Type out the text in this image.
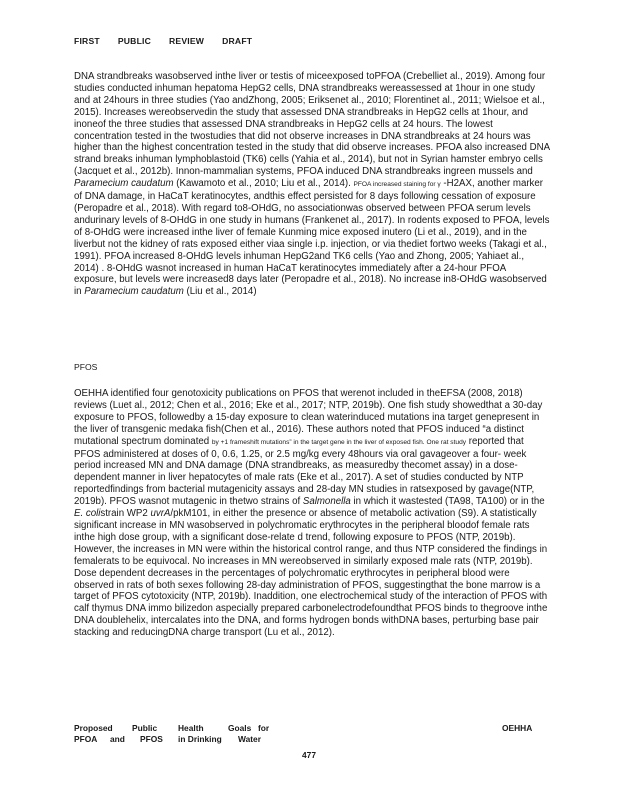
FIRST PUBLIC REVIEW DRAFT
DNA strandbreaks wasobserved inthe liver or testis of miceexposed toPFOA (Crebelliet al., 2019). Among four studies conducted inhuman hepatoma HepG2 cells, DNA strandbreaks wereassessed at 1hour in one study and at 24hours in three studies (Yao andZhong, 2005; Eriksenet al., 2010; Florentinet al., 2011; Wielsoe et al., 2015). Increases wereobservedin the study that assessed DNA strandbreaks in HepG2 cells at 1hour, and inoneof the three studies that assessed DNA strandbreaks in HepG2 cells at 24 hours. The lowest concentration tested in the twostudies that did not observe increases in DNA strandbreaks at 24 hours was higher than the highest concentration tested in the study that did observe increases. PFOA also increased DNA strand breaks inhuman lymphoblastoid (TK6) cells (Yahia et al., 2014), but not in Syrian hamster embryo cells (Jacquet et al., 2012b). Innon-mammalian systems, PFOA induced DNA strandbreaks ingreen mussels and Paramecium caudatum (Kawamoto et al., 2010; Liu et al., 2014). PFOA increased staining for γ -H2AX, another marker of DNA damage, in HaCaT keratinocytes, andthis effect persisted for 8 days following cessation of exposure (Peropadre et al., 2018). With regard to8-OHdG, no associationwas observed between PFOA serum levels andurinary levels of 8-OHdG in one study in humans (Frankenet al., 2017). In rodents exposed to PFOA, levels of 8-OHdG were increased inthe liver of female Kunming mice exposed inutero (Li et al., 2019), and in the liverbut not the kidney of rats exposed either viaa single i.p. injection, or via thediet fortwo weeks (Takagi et al., 1991). PFOA increased 8-OHdG levels inhuman HepG2and TK6 cells (Yao and Zhong, 2005; Yahiaet al., 2014) . 8-OHdG wasnot increased in human HaCaT keratinocytes immediately after a 24-hour PFOA exposure, but levels were increased8 days later (Peropadre et al., 2018). No increase in8-OHdG wasobserved in Paramecium caudatum (Liu et al., 2014)
PFOS
OEHHA identified four genotoxicity publications on PFOS that werenot included in theEFSA (2008, 2018) reviews (Luet al., 2012; Chen et al., 2016; Eke et al., 2017; NTP, 2019b). One fish study showedthat a 30-day exposure to PFOS, followedby a 15-day exposure to clean waterinduced mutations ina target genepresent in the liver of transgenic medaka fish(Chen et al., 2016). These authors noted that PFOS induced “a distinct mutational spectrum dominated by +1 frameshift mutations” in the target gene in the liver of exposed fish. One rat study reported that PFOS administered at doses of 0, 0.6, 1.25, or 2.5 mg/kg every 48hours via oral gavageover a four- week period increased MN and DNA damage (DNA strandbreaks, as measuredby thecomet assay) in a dose-dependent manner in liver hepatocytes of male rats (Eke et al., 2017). A set of studies conducted by NTP reportedfindings from bacterial mutagenicity assays and 28-day MN studies in ratsexposed by gavage(NTP, 2019b). PFOS wasnot mutagenic in thetwo strains of Salmonella in which it wastested (TA98, TA100) or in the E. colistrain WP2 uvrA/pkM101, in either the presence or absence of metabolic activation (S9). A statistically significant increase in MN wasobserved in polychromatic erythrocytes in the peripheral bloodof female rats inthe high dose group, with a significant dose-relate d trend, following exposure to PFOS (NTP, 2019b). However, the increases in MN were within the historical control range, and thus NTP considered the findings in femalerats to be equivocal. No increases in MN wereobserved in similarly exposed male rats (NTP, 2019b). Dose dependent decreases in the percentages of polychromatic erythrocytes in peripheral blood were observed in rats of both sexes following 28-day administration of PFOS, suggestingthat the bone marrow is a target of PFOS cytotoxicity (NTP, 2019b). Inaddition, one electrochemical study of the interaction of PFOS with calf thymus DNA immo bilizedon aspecially prepared carbonelectrodefoundthat PFOS binds to thegroove inthe DNA doublehelix, intercalates into the DNA, and forms hydrogen bonds withDNA bases, perturbing base pair stacking and reducingDNA charge transport (Lu et al., 2012).
Proposed Public Health	Goals for
PFOA and PFOS in Drinking Water
OEHHA
477
